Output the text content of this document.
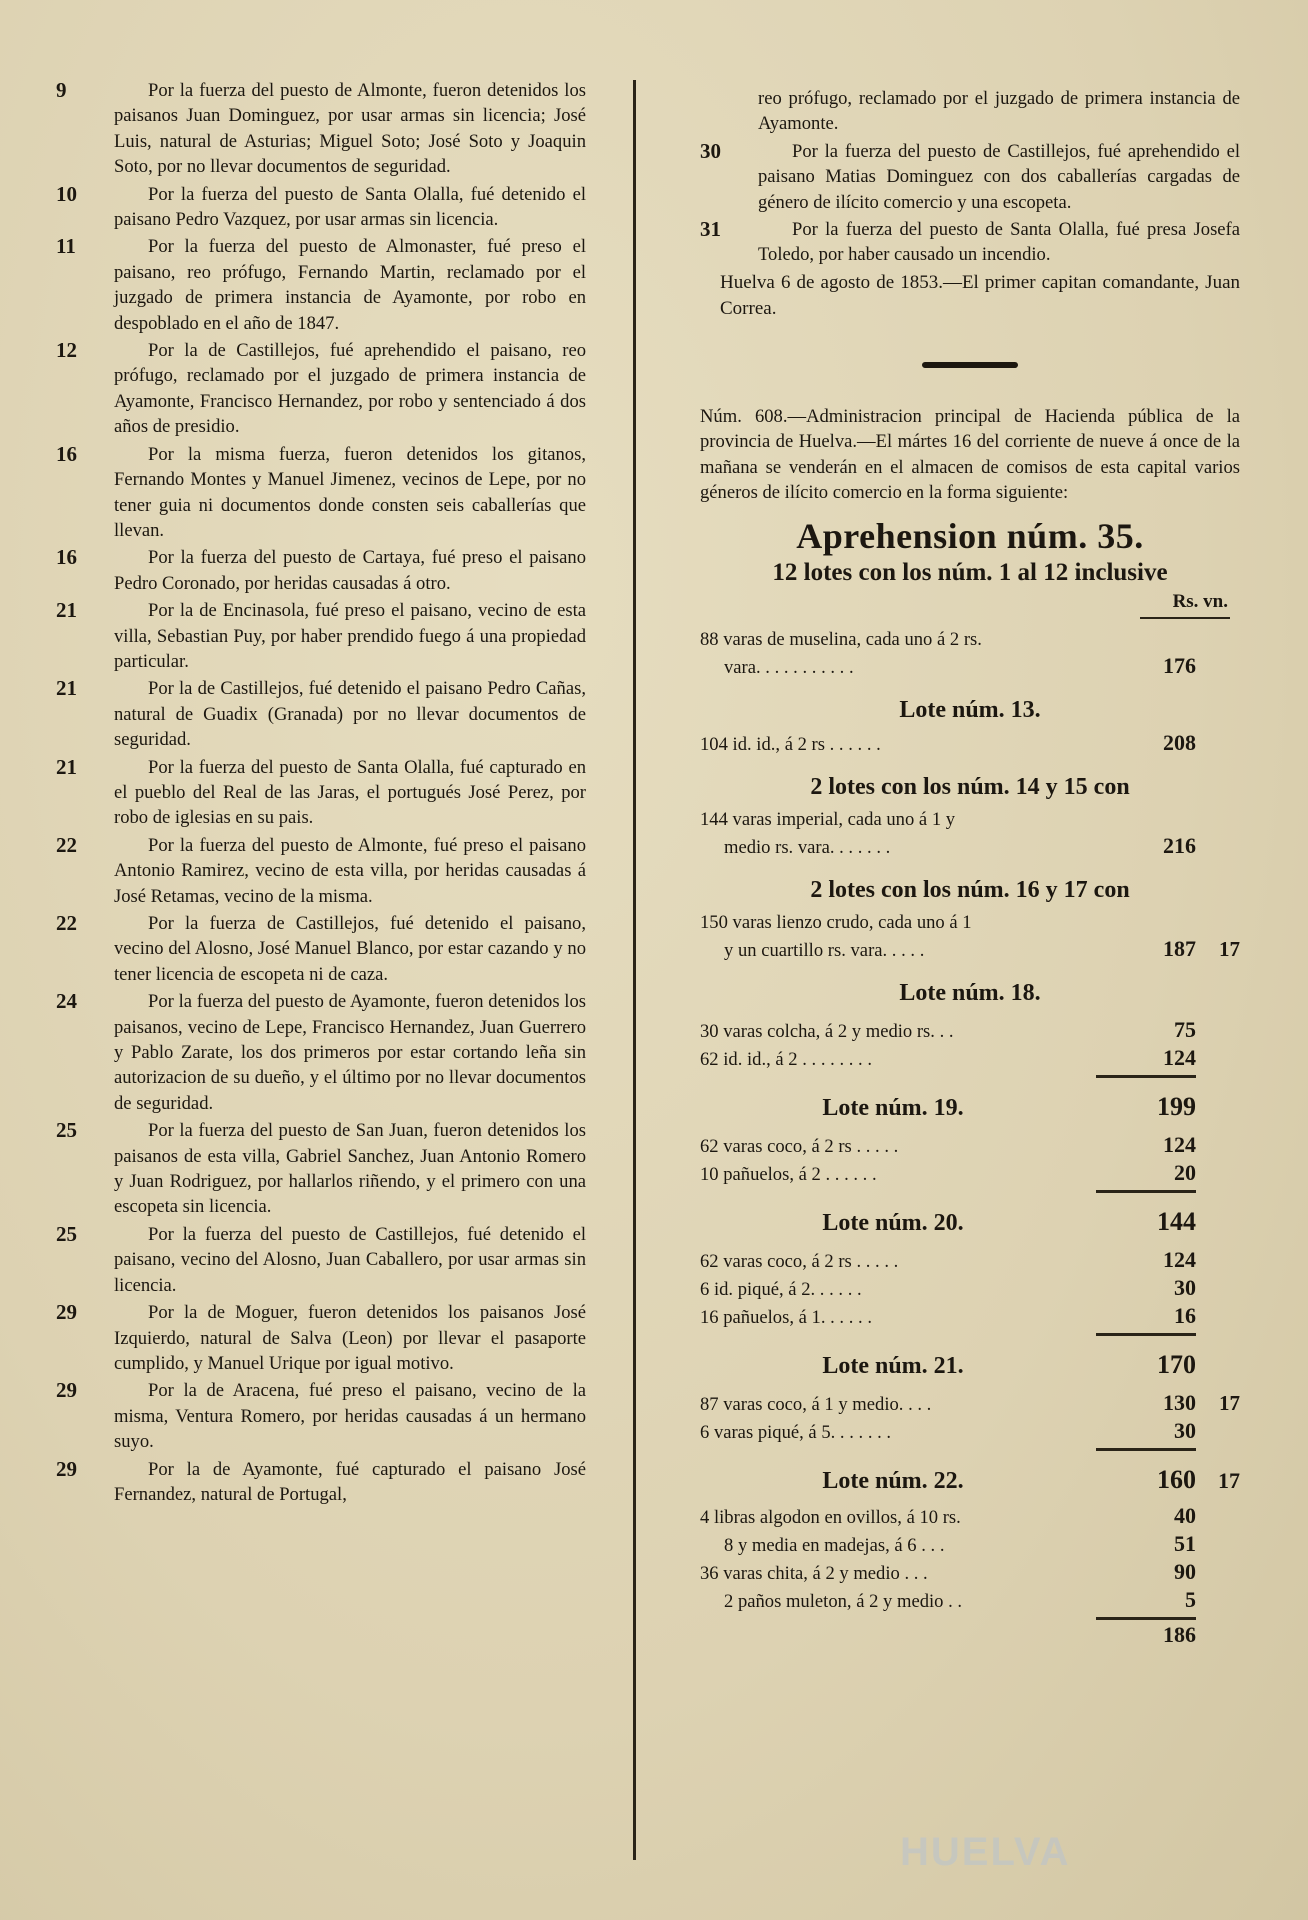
9	Por la fuerza del puesto de Almonte, fueron detenidos los paisanos Juan Dominguez, por usar armas sin licencia; José Luis, natural de Asturias; Miguel Soto; José Soto y Joaquin Soto, por no llevar documentos de seguridad.
10	Por la fuerza del puesto de Santa Olalla, fué detenido el paisano Pedro Vazquez, por usar armas sin licencia.
11	Por la fuerza del puesto de Almonaster, fué preso el paisano, reo prófugo, Fernando Martin, reclamado por el juzgado de primera instancia de Ayamonte, por robo en despoblado en el año de 1847.
12	Por la de Castillejos, fué aprehendido el paisano, reo prófugo, reclamado por el juzgado de primera instancia de Ayamonte, Francisco Hernandez, por robo y sentenciado á dos años de presidio.
16	Por la misma fuerza, fueron detenidos los gitanos, Fernando Montes y Manuel Jimenez, vecinos de Lepe, por no tener guia ni documentos donde consten seis caballerías que llevan.
16	Por la fuerza del puesto de Cartaya, fué preso el paisano Pedro Coronado, por heridas causadas á otro.
21	Por la de Encinasola, fué preso el paisano, vecino de esta villa, Sebastian Puy, por haber prendido fuego á una propiedad particular.
21	Por la de Castillejos, fué detenido el paisano Pedro Cañas, natural de Guadix (Granada) por no llevar documentos de seguridad.
21	Por la fuerza del puesto de Santa Olalla, fué capturado en el pueblo del Real de las Jaras, el portugués José Perez, por robo de iglesias en su pais.
22	Por la fuerza del puesto de Almonte, fué preso el paisano Antonio Ramirez, vecino de esta villa, por heridas causadas á José Retamas, vecino de la misma.
22	Por la fuerza de Castillejos, fué detenido el paisano, vecino del Alosno, José Manuel Blanco, por estar cazando y no tener licencia de escopeta ni de caza.
24	Por la fuerza del puesto de Ayamonte, fueron detenidos los paisanos, vecino de Lepe, Francisco Hernandez, Juan Guerrero y Pablo Zarate, los dos primeros por estar cortando leña sin autorizacion de su dueño, y el último por no llevar documentos de seguridad.
25	Por la fuerza del puesto de San Juan, fueron detenidos los paisanos de esta villa, Gabriel Sanchez, Juan Antonio Romero y Juan Rodriguez, por hallarlos riñendo, y el primero con una escopeta sin licencia.
25	Por la fuerza del puesto de Castillejos, fué detenido el paisano, vecino del Alosno, Juan Caballero, por usar armas sin licencia.
29	Por la de Moguer, fueron detenidos los paisanos José Izquierdo, natural de Salva (Leon) por llevar el pasaporte cumplido, y Manuel Urique por igual motivo.
29	Por la de Aracena, fué preso el paisano, vecino de la misma, Ventura Romero, por heridas causadas á un hermano suyo.
29	Por la de Ayamonte, fué capturado el paisano José Fernandez, natural de Portugal,
reo prófugo, reclamado por el juzgado de primera instancia de Ayamonte.
30	Por la fuerza del puesto de Castillejos, fué aprehendido el paisano Matias Dominguez con dos caballerías cargadas de género de ilícito comercio y una escopeta.
31	Por la fuerza del puesto de Santa Olalla, fué presa Josefa Toledo, por haber causado un incendio.
Huelva 6 de agosto de 1853.—El primer capitan comandante, Juan Correa.
Núm. 608.—Administracion principal de Hacienda pública de la provincia de Huelva.—El mártes 16 del corriente de nueve á once de la mañana se venderán en el almacen de comisos de esta capital varios géneros de ilícito comercio en la forma siguiente:
Aprehension núm. 35.
12 lotes con los núm. 1 al 12 inclusive
Rs. vn.
88 varas de muselina, cada uno á 2 rs.
vara. . . . . . . . . . .	176
Lote núm. 13.
104 id. id., á 2 rs . . . . . .	208
2 lotes con los núm. 14 y 15 con
144 varas imperial, cada uno á 1 y
medio rs. vara. . . . . . .	216
2 lotes con los núm. 16 y 17 con
150 varas lienzo crudo, cada uno á 1
y un cuartillo rs. vara. . . . .	187	17
Lote núm. 18.
30 varas colcha, á 2 y medio rs. . .	75
62 id. id., á 2 . . . . . . . .	124
Lote núm. 19.	199
62 varas coco, á 2 rs . . . . .	124
10 pañuelos, á 2 . . . . . .	20
Lote núm. 20.	144
62 varas coco, á 2 rs . . . . .	124
6 id. piqué, á 2. . . . . .	30
16 pañuelos, á 1. . . . . .	16
Lote núm. 21.	170
87 varas coco, á 1 y medio. . . .	130	17
6 varas piqué, á 5. . . . . . .	30
Lote núm. 22.	160	17
4 libras algodon en ovillos, á 10 rs.	40
8 y media en madejas, á 6 . . .	51
36 varas chita, á 2 y medio . . .	90
2 paños muleton, á 2 y medio . .	5
186
HUELVA
